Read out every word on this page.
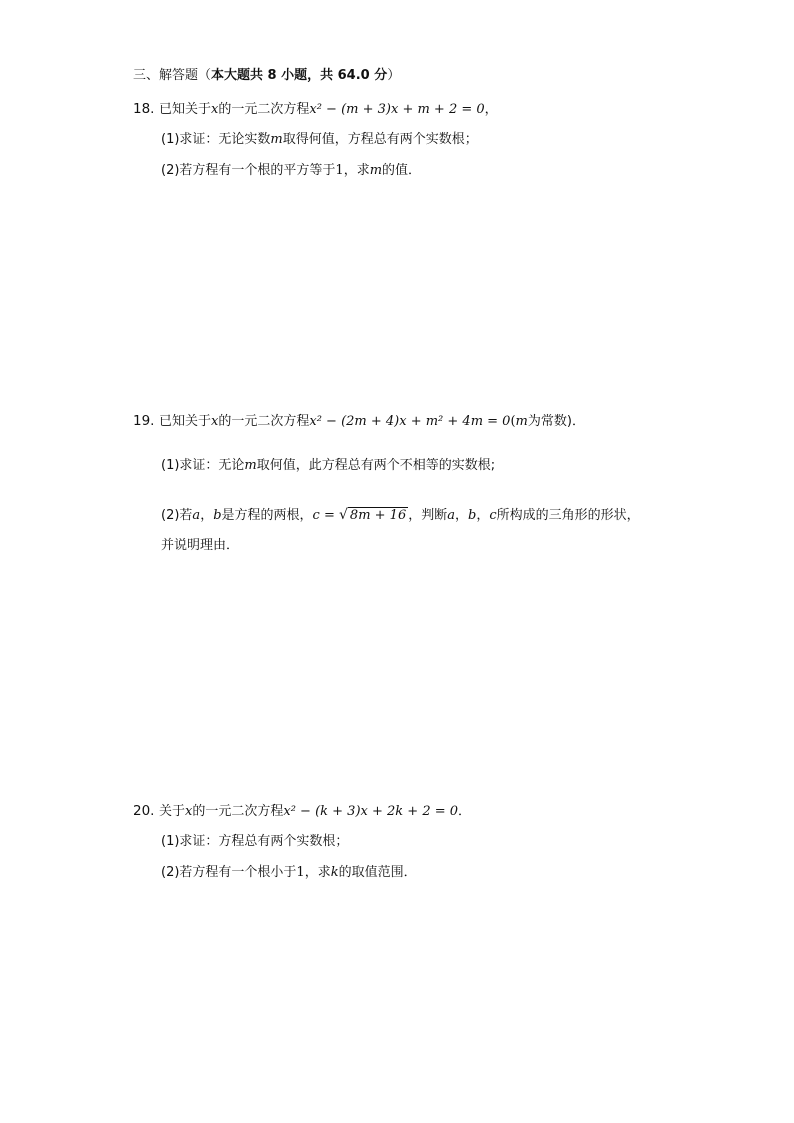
三、解答题（本大题共 8 小题，共 64.0 分）
18. 已知关于x的一元二次方程x² − (m + 3)x + m + 2 = 0，
(1)求证：无论实数m取得何值，方程总有两个实数根；
(2)若方程有一个根的平方等于1，求m的值．
19. 已知关于x的一元二次方程x² − (2m + 4)x + m² + 4m = 0(m为常数)．
(1)求证：无论m取何值，此方程总有两个不相等的实数根;
(2)若a，b是方程的两根，c = √ 8m + 16 ，判断a，b，c所构成的三角形的形状，
并说明理由．
20. 关于x的一元二次方程x² − (k + 3)x + 2k + 2 = 0．
(1)求证：方程总有两个实数根；
(2)若方程有一个根小于1，求k的取值范围．
